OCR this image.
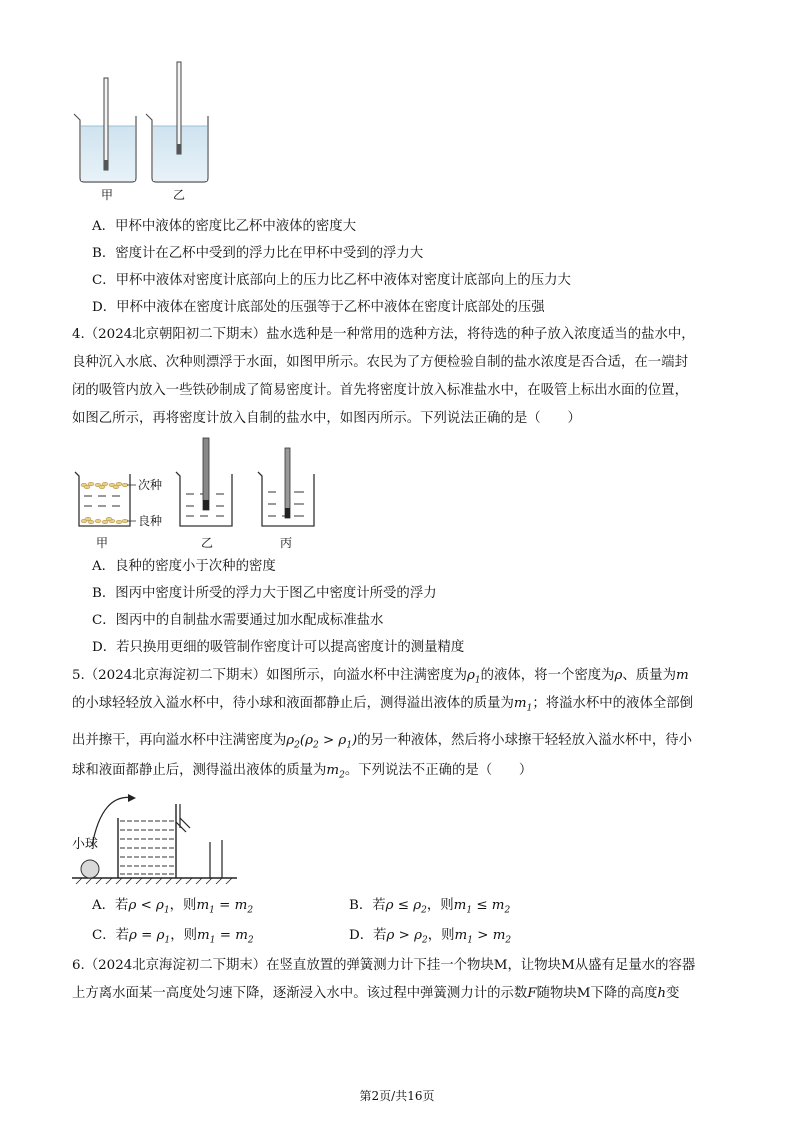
甲	乙
A．甲杯中液体的密度比乙杯中液体的密度大
B．密度计在乙杯中受到的浮力比在甲杯中受到的浮力大
C．甲杯中液体对密度计底部向上的压力比乙杯中液体对密度计底部向上的压力大
D．甲杯中液体在密度计底部处的压强等于乙杯中液体在密度计底部处的压强
4.（2024北京朝阳初二下期末）盐水选种是一种常用的选种方法，将待选的种子放入浓度适当的盐水中，
良种沉入水底、次种则漂浮于水面，如图甲所示。农民为了方便检验自制的盐水浓度是否合适，在一端封
闭的吸管内放入一些铁砂制成了简易密度计。首先将密度计放入标准盐水中，在吸管上标出水面的位置，
如图乙所示，再将密度计放入自制的盐水中，如图丙所示。下列说法正确的是（　　）
次种
良种
甲	乙	丙
A．良种的密度小于次种的密度
B．图丙中密度计所受的浮力大于图乙中密度计所受的浮力
C．图丙中的自制盐水需要通过加水配成标准盐水
D．若只换用更细的吸管制作密度计可以提高密度计的测量精度
5.（2024北京海淀初二下期末）如图所示，向溢水杯中注满密度为$\rho_1$的液体，将一个密度为ρ、质量为m
的小球轻轻放入溢水杯中，待小球和液面都静止后，测得溢出液体的质量为$m_1$；将溢水杯中的液体全部倒
出并擦干，再向溢水杯中注满密度为$\rho_2(\rho_2 > \rho_1)$的另一种液体，然后将小球擦干轻轻放入溢水杯中，待小
球和液面都静止后，测得溢出液体的质量为$m_2$。下列说法不正确的是（　　）
小球
A．若$\rho < \rho_1$，则$m_1 = m_2$	B．若$\rho \le \rho_2$，则$m_1 \le m_2$
C．若$\rho = \rho_1$，则$m_1 = m_2$	D．若$\rho > \rho_2$，则$m_1 > m_2$
6.（2024北京海淀初二下期末）在竖直放置的弹簧测力计下挂一个物块M，让物块M从盛有足量水的容器
上方离水面某一高度处匀速下降，逐渐浸入水中。该过程中弹簧测力计的示数F随物块M下降的高度h变
第2页/共16页
